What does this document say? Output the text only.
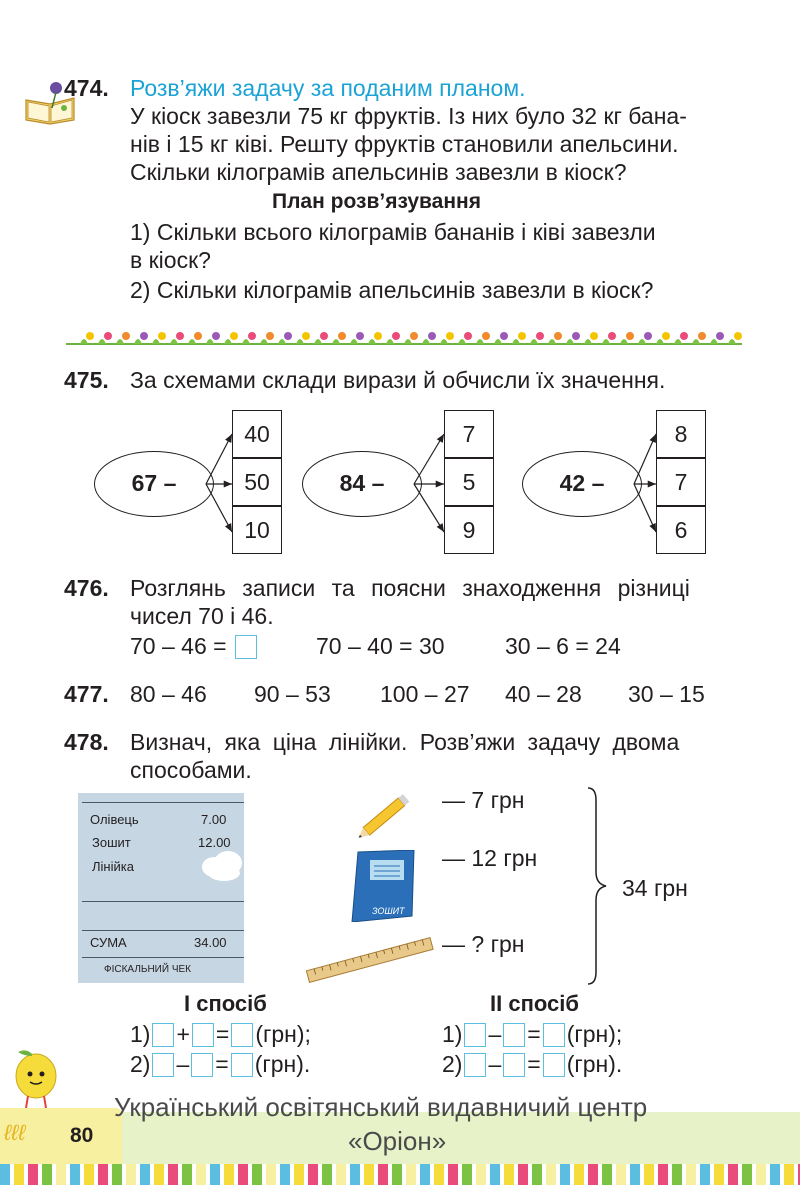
474. Розв’яжи задачу за поданим планом.
У кіоск завезли 75 кг фруктів. Із них було 32 кг бана-
нів і 15 кг ківі. Решту фруктів становили апельсини.
Скільки кілограмів апельсинів завезли в кіоск?
План розв’язування
1) Скільки всього кілограмів бананів і ківі завезли
в кіоск?
2) Скільки кілограмів апельсинів завезли в кіоск?
475. За схемами склади вирази й обчисли їх значення.
67 –
40
50
10
84 –
7
5
9
42 –
8
7
6
476. Розглянь записи та поясни знаходження різниці
чисел 70 і 46.
70 – 46 =	70 – 40 = 30	30 – 6 = 24
477. 80 – 46 90 – 53 100 – 27 40 – 28 30 – 15
478. Визнач, яка ціна лінійки. Розв’яжи задачу двома
способами.
Олівець	7.00
Зошит	12.00
Лінійка
СУМА	34.00
ФІСКАЛЬНИЙ ЧЕК
— 7 грн
ЗОШИТ
— 12 грн
— ? грн
34 грн
I спосіб	II спосіб
1) + = (грн);
2) – = (грн).
1) – = (грн);
2) – = (грн).
ℓℓℓ 80
Український освітянський видавничий центр
«Оріон»
